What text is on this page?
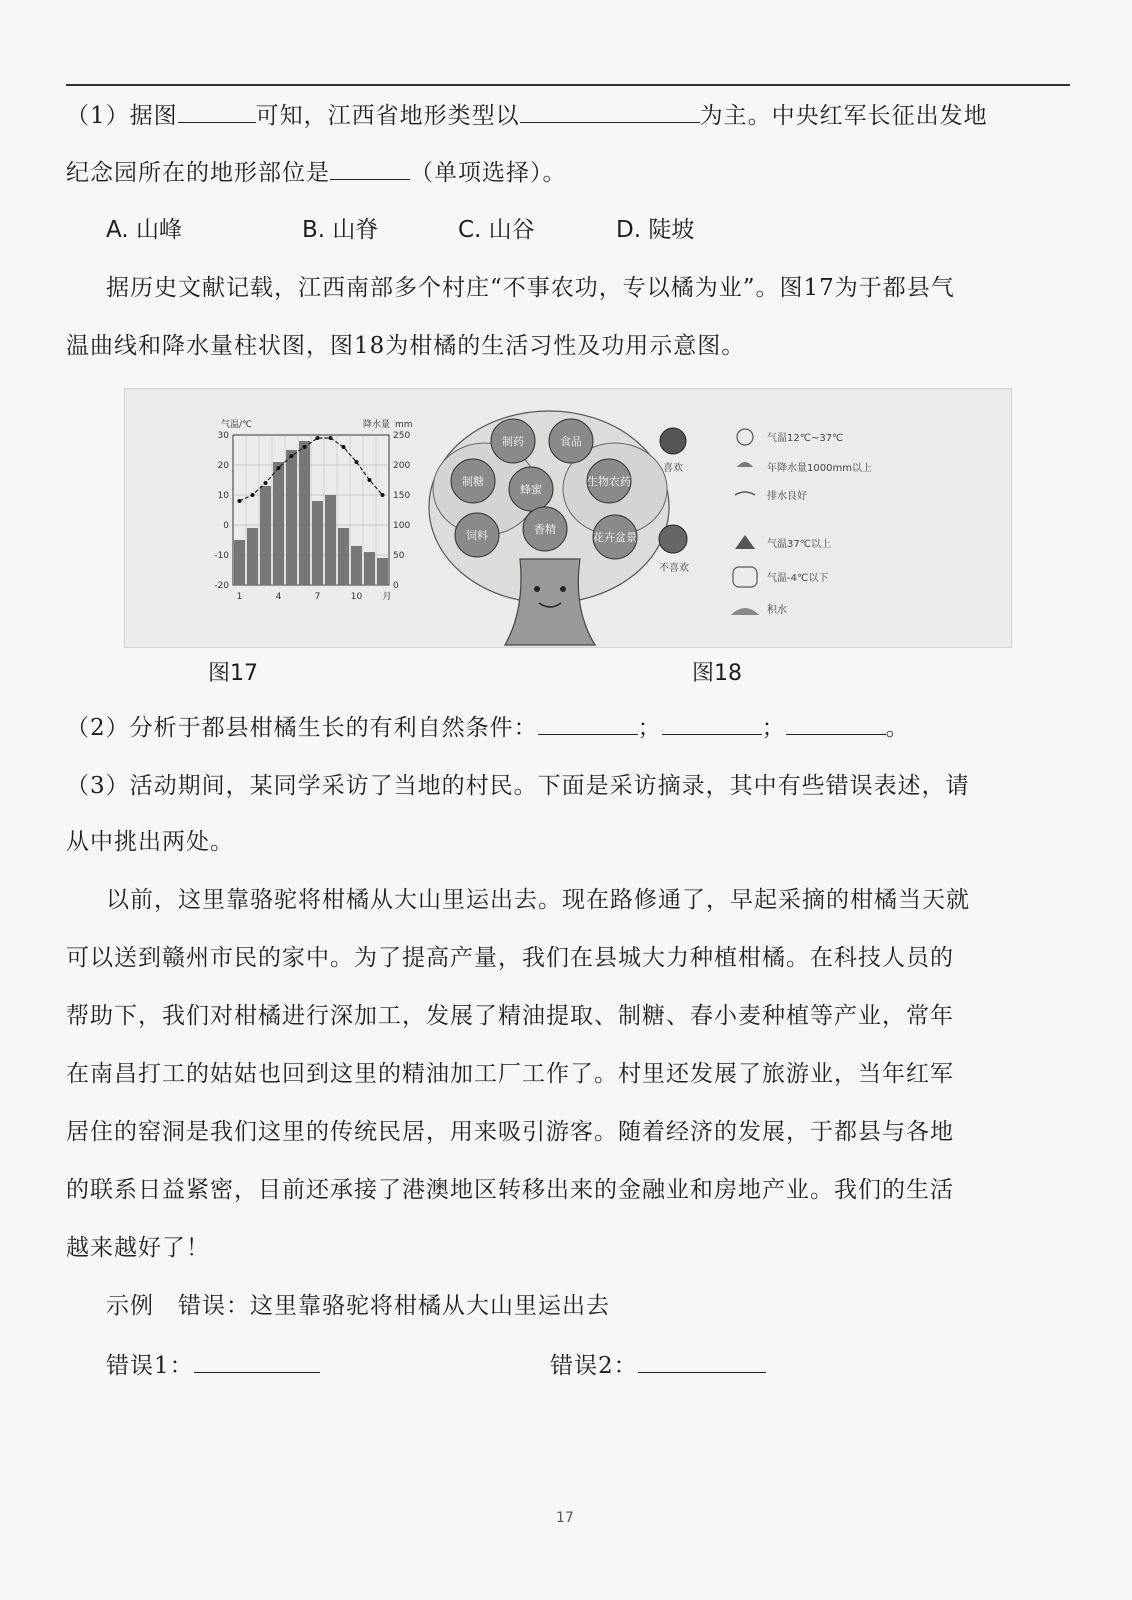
（1）据图	可知，江西省地形类型以	为主。中央红军长征出发地
纪念园所在的地形部位是	（单项选择）。
A. 山峰	B. 山脊	C. 山谷	D. 陡坡
据历史文献记载，江西南部多个村庄“不事农功，专以橘为业”。图17为于都县气
温曲线和降水量柱状图，图18为柑橘的生活习性及功用示意图。
气温/℃	降水量 mm
30
20
10
0
-10
-20
250
200
150
100
50
0
1	4	7	10 月
制药	食品
制糖
蜂蜜
生物农药
饲料	香精
花卉盆景
喜欢
气温12℃~37℃
年降水量1000mm以上
排水良好
不喜欢
气温37℃以上
气温-4℃以下
积水
图17	图18
（2）分析于都县柑橘生长的有利自然条件：	；	；	。
（3）活动期间，某同学采访了当地的村民。下面是采访摘录，其中有些错误表述，请
从中挑出两处。
以前，这里靠骆驼将柑橘从大山里运出去。现在路修通了，早起采摘的柑橘当天就
可以送到赣州市民的家中。为了提高产量，我们在县城大力种植柑橘。在科技人员的
帮助下，我们对柑橘进行深加工，发展了精油提取、制糖、春小麦种植等产业，常年
在南昌打工的姑姑也回到这里的精油加工厂工作了。村里还发展了旅游业，当年红军
居住的窑洞是我们这里的传统民居，用来吸引游客。随着经济的发展，于都县与各地
的联系日益紧密，目前还承接了港澳地区转移出来的金融业和房地产业。我们的生活
越来越好了！
示例　错误：这里靠骆驼将柑橘从大山里运出去
错误1：	错误2：
17
